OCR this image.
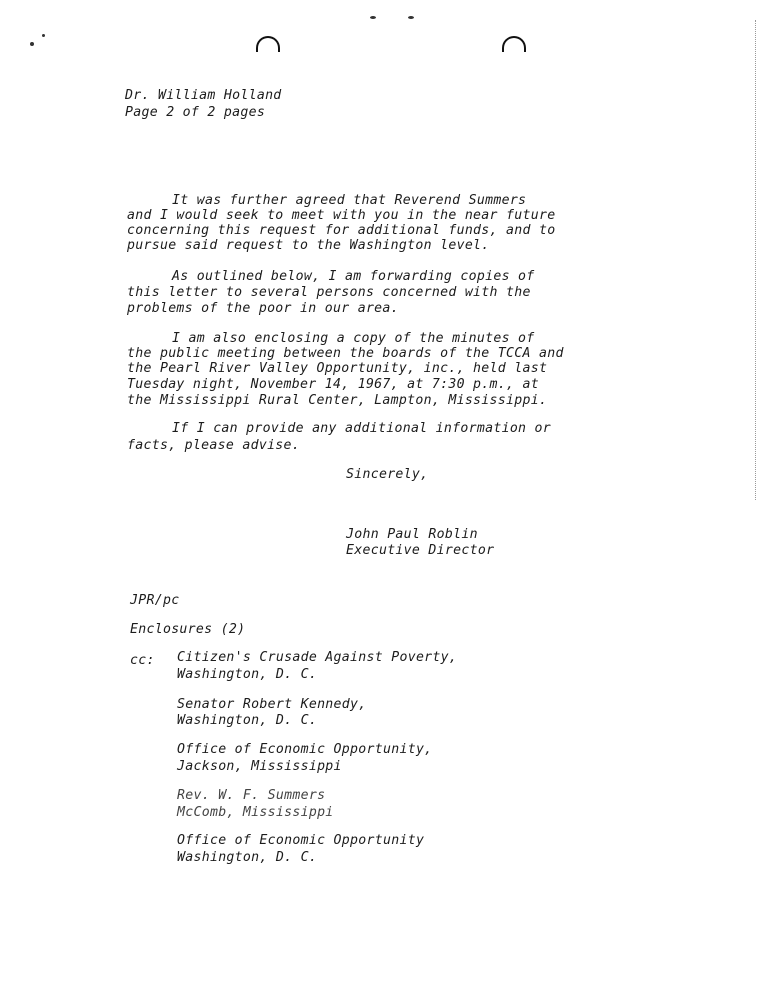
Dr. William Holland
Page 2 of 2 pages
It was further agreed that Reverend Summers
and I would seek to meet with you in the near future
concerning this request for additional funds, and to
pursue said request to the Washington level.
As outlined below, I am forwarding copies of
this letter to several persons concerned with the
problems of the poor in our area.
I am also enclosing a copy of the minutes of
the public meeting between the boards of the TCCA and
the Pearl River Valley Opportunity, inc., held last
Tuesday night, November 14, 1967, at 7:30 p.m., at
the Mississippi Rural Center, Lampton, Mississippi.
If I can provide any additional information or
facts, please advise.
Sincerely,
John Paul Roblin
Executive Director
JPR/pc
Enclosures (2)
cc: Citizen's Crusade Against Poverty,
Washington, D. C.
Senator Robert Kennedy,
Washington, D. C.
Office of Economic Opportunity,
Jackson, Mississippi
Rev. W. F. Summers
McComb, Mississippi
Office of Economic Opportunity
Washington, D. C.
